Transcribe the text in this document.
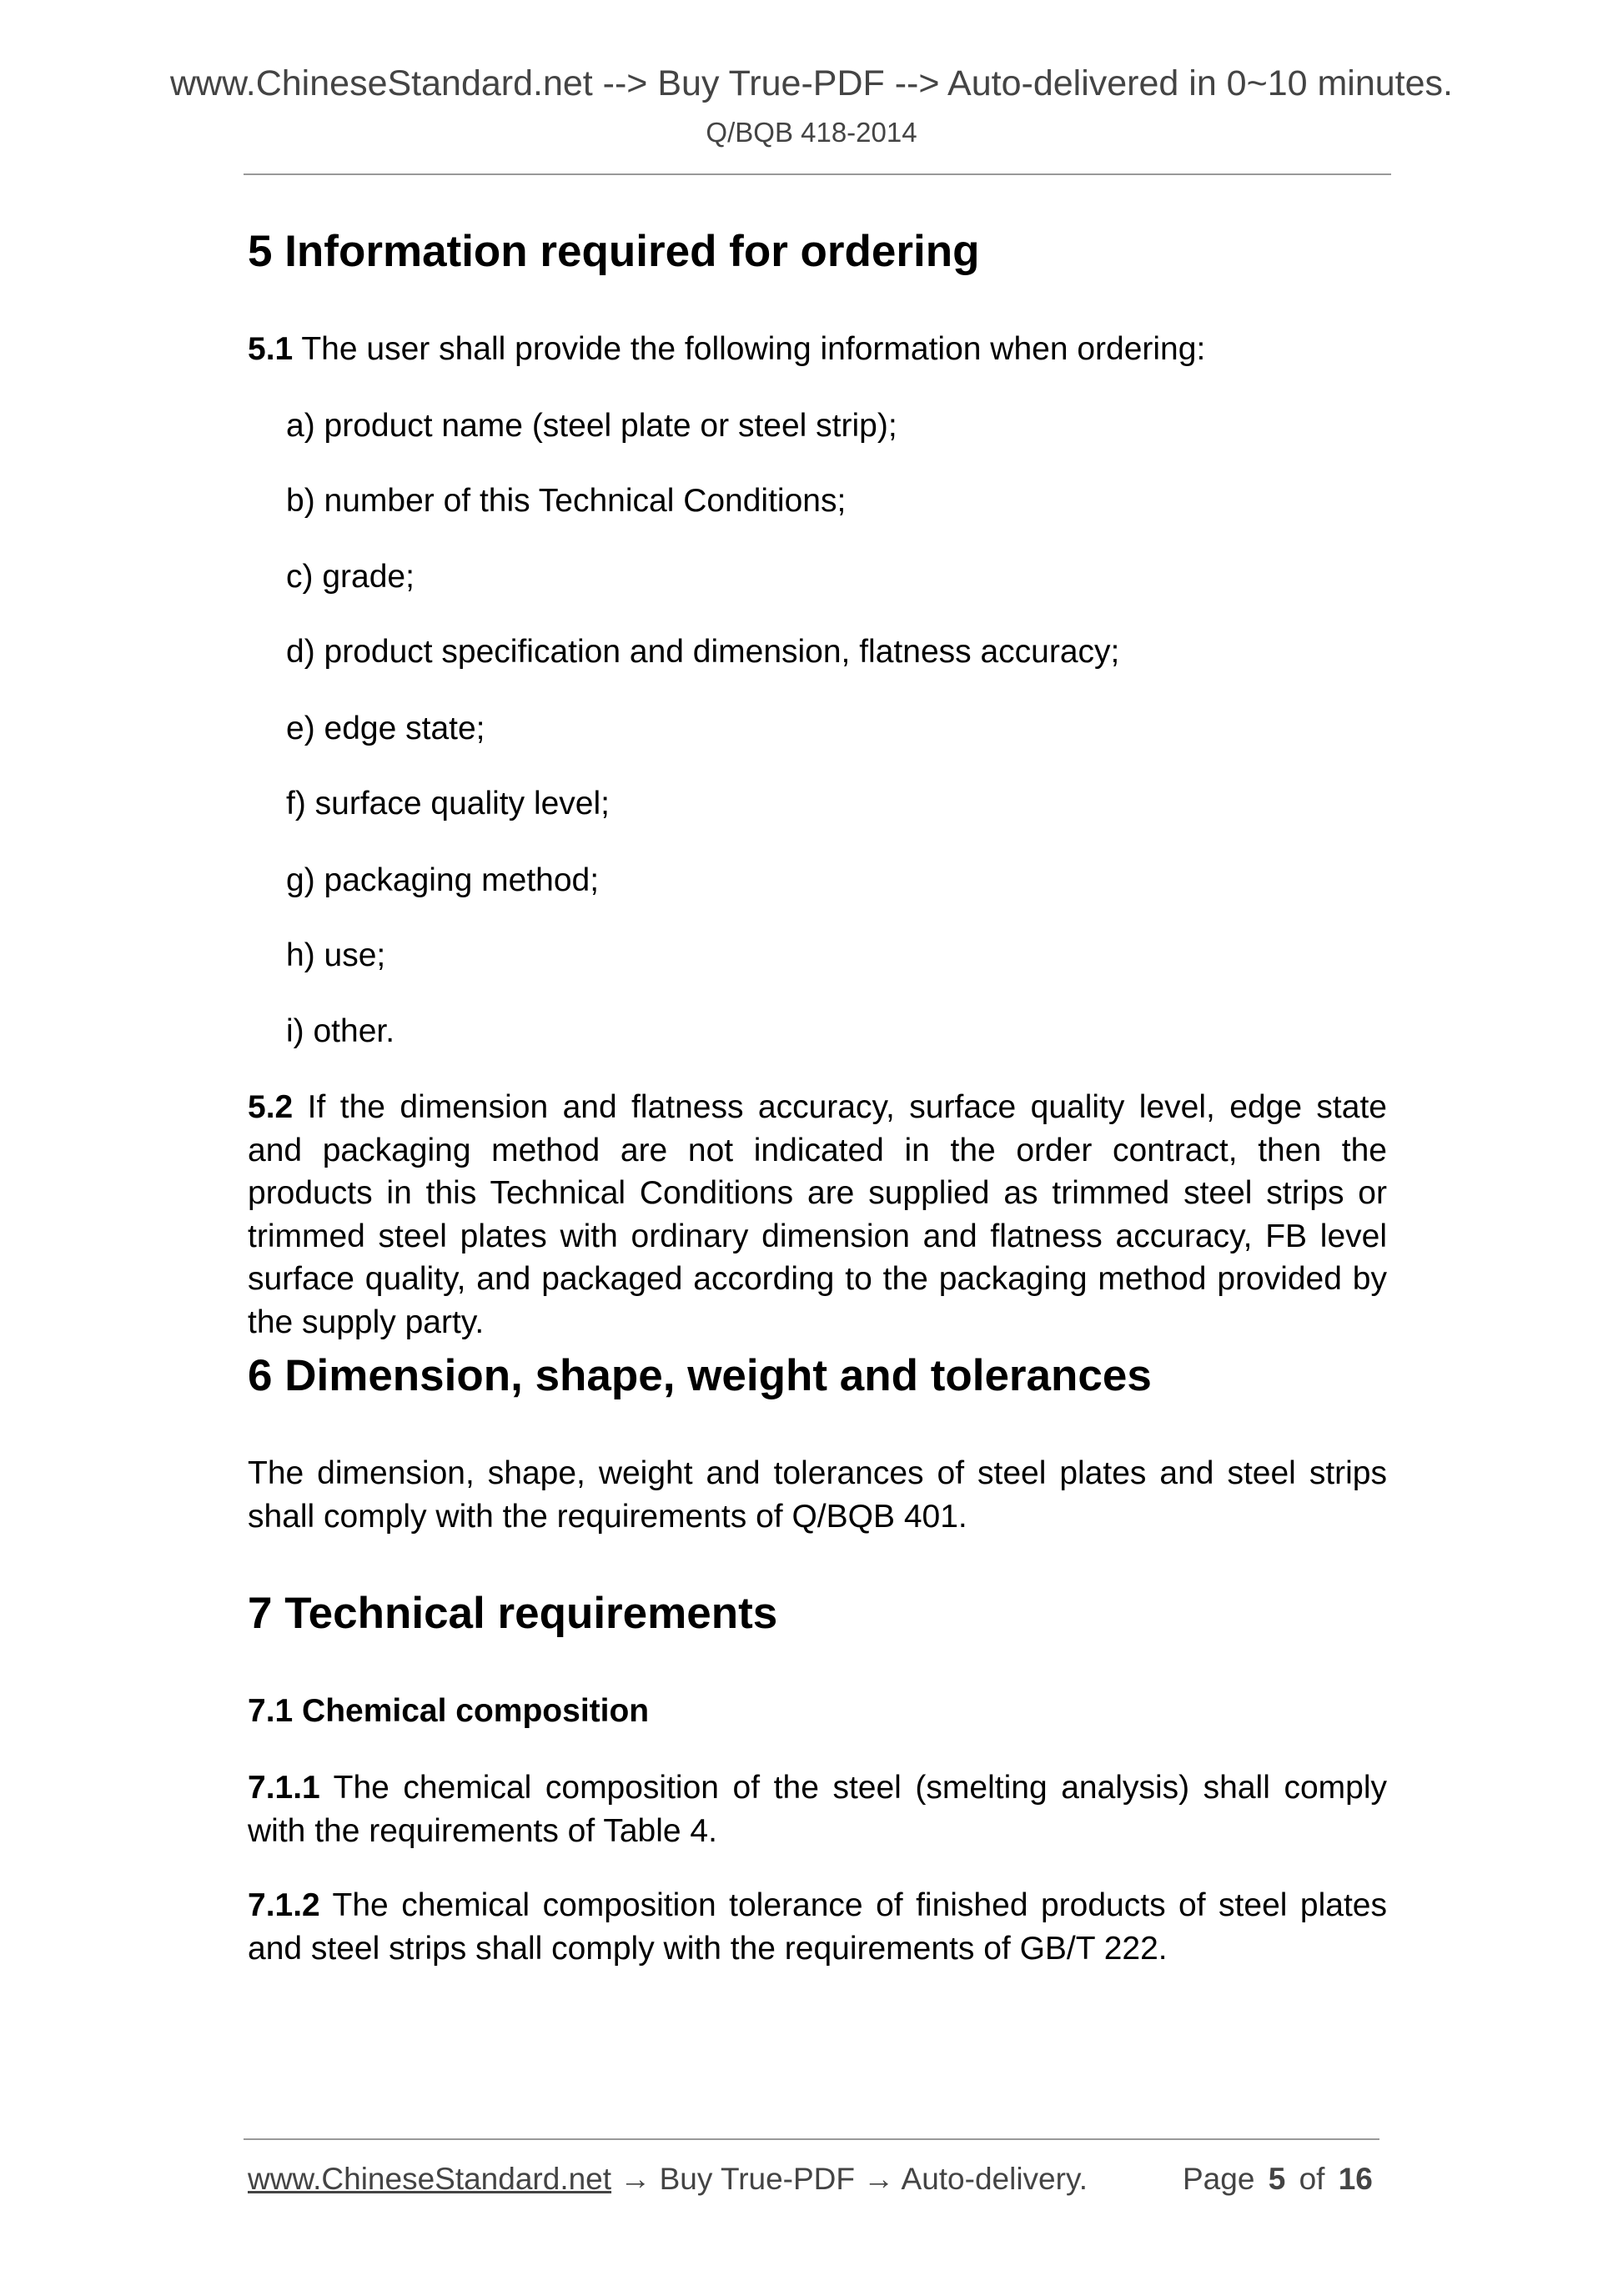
www.ChineseStandard.net --> Buy True-PDF --> Auto-delivered in 0~10 minutes.
Q/BQB 418-2014
5 Information required for ordering
5.1 The user shall provide the following information when ordering:
a) product name (steel plate or steel strip);
b) number of this Technical Conditions;
c) grade;
d) product specification and dimension, flatness accuracy;
e) edge state;
f) surface quality level;
g) packaging method;
h) use;
i) other.
5.2 If the dimension and flatness accuracy, surface quality level, edge state and packaging method are not indicated in the order contract, then the products in this Technical Conditions are supplied as trimmed steel strips or trimmed steel plates with ordinary dimension and flatness accuracy, FB level surface quality, and packaged according to the packaging method provided by the supply party.
6 Dimension, shape, weight and tolerances
The dimension, shape, weight and tolerances of steel plates and steel strips shall comply with the requirements of Q/BQB 401.
7 Technical requirements
7.1 Chemical composition
7.1.1 The chemical composition of the steel (smelting analysis) shall comply with the requirements of Table 4.
7.1.2 The chemical composition tolerance of finished products of steel plates and steel strips shall comply with the requirements of GB/T 222.
www.ChineseStandard.net → Buy True-PDF → Auto-delivery.	Page 5 of 16
